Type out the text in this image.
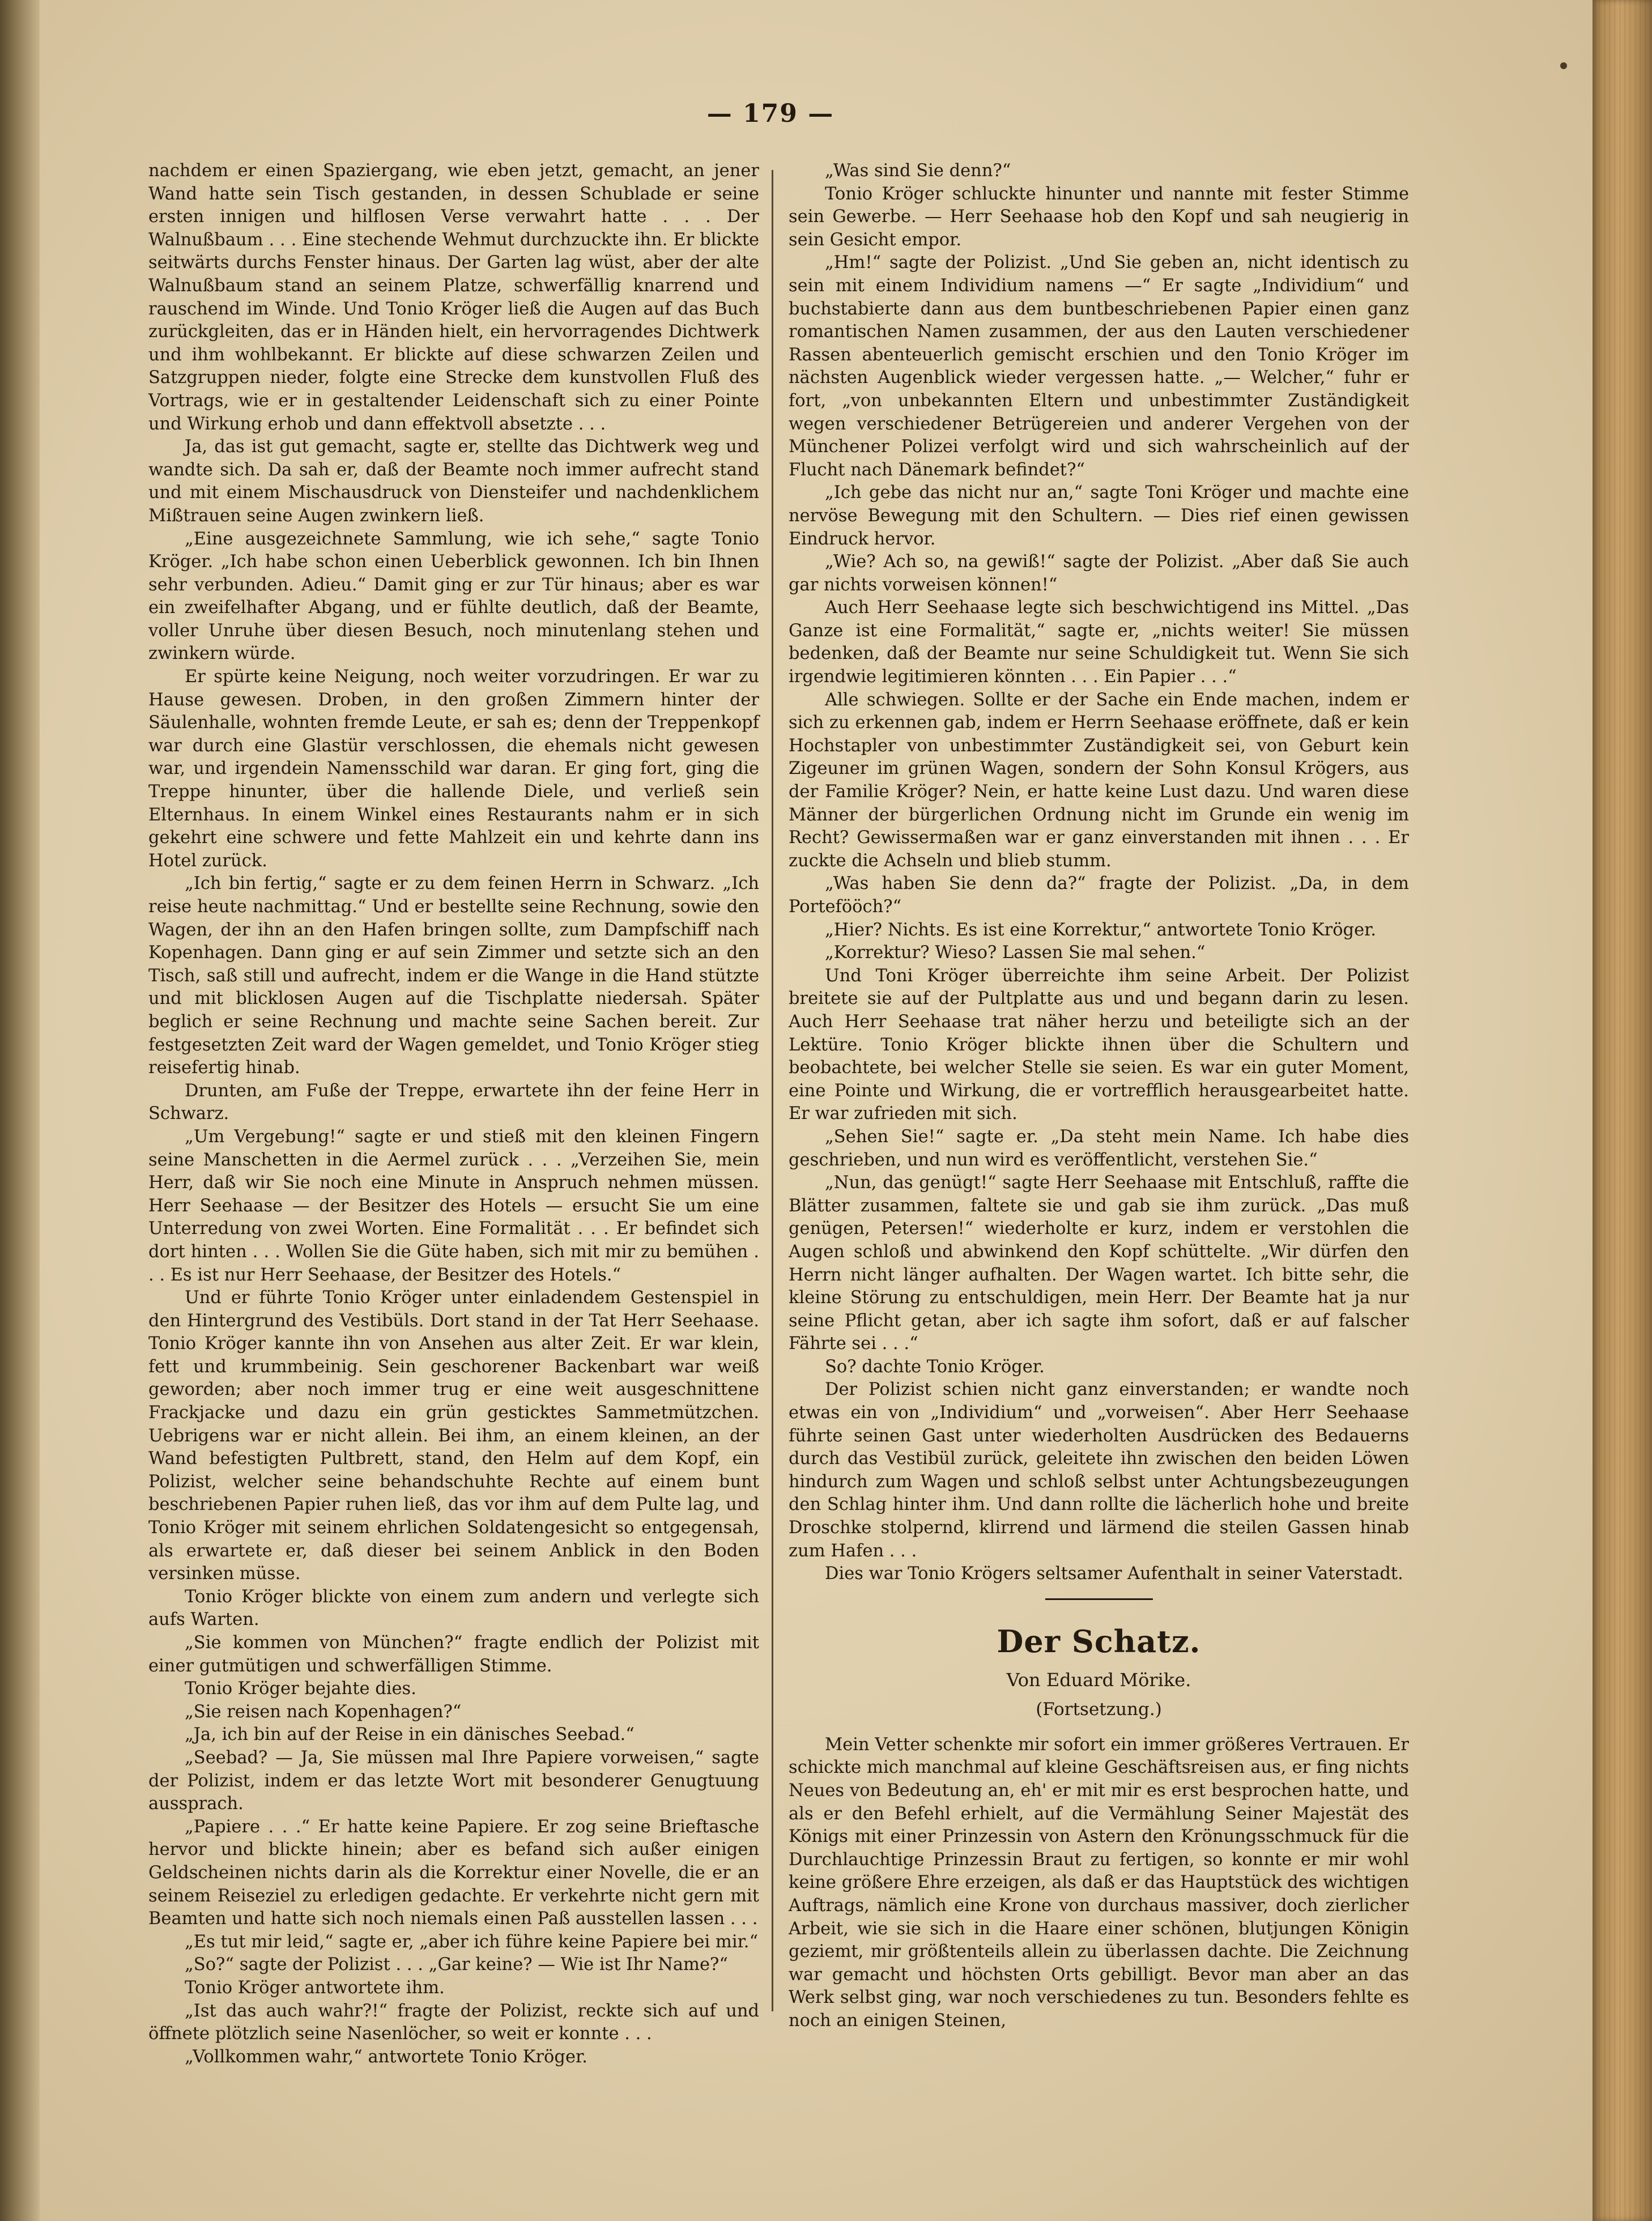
— 179 —

nachdem er einen Spaziergang, wie eben jetzt, gemacht, an jener Wand hatte sein Tisch gestanden, in dessen Schublade er seine ersten innigen und hilflosen Verse verwahrt hatte . . . Der Walnußbaum . . . Eine stechende Wehmut durchzuckte ihn. Er blickte seitwärts durchs Fenster hinaus. Der Garten lag wüst, aber der alte Walnußbaum stand an seinem Platze, schwerfällig knarrend und rauschend im Winde. Und Tonio Kröger ließ die Augen auf das Buch zurückgleiten, das er in Händen hielt, ein hervorragendes Dichtwerk und ihm wohlbekannt. Er blickte auf diese schwarzen Zeilen und Satzgruppen nieder, folgte eine Strecke dem kunstvollen Fluß des Vortrags, wie er in gestaltender Leidenschaft sich zu einer Pointe und Wirkung erhob und dann effektvoll absetzte . . .

Ja, das ist gut gemacht, sagte er, stellte das Dichtwerk weg und wandte sich. Da sah er, daß der Beamte noch immer aufrecht stand und mit einem Mischausdruck von Diensteifer und nachdenklichem Mißtrauen seine Augen zwinkern ließ.

„Eine ausgezeichnete Sammlung, wie ich sehe,“ sagte Tonio Kröger. „Ich habe schon einen Ueberblick gewonnen. Ich bin Ihnen sehr verbunden. Adieu.“ Damit ging er zur Tür hinaus; aber es war ein zweifelhafter Abgang, und er fühlte deutlich, daß der Beamte, voller Unruhe über diesen Besuch, noch minutenlang stehen und zwinkern würde.

Er spürte keine Neigung, noch weiter vorzudringen. Er war zu Hause gewesen. Droben, in den großen Zimmern hinter der Säulenhalle, wohnten fremde Leute, er sah es; denn der Treppenkopf war durch eine Glastür verschlossen, die ehemals nicht gewesen war, und irgendein Namensschild war daran. Er ging fort, ging die Treppe hinunter, über die hallende Diele, und verließ sein Elternhaus. In einem Winkel eines Restaurants nahm er in sich gekehrt eine schwere und fette Mahlzeit ein und kehrte dann ins Hotel zurück.

„Ich bin fertig,“ sagte er zu dem feinen Herrn in Schwarz. „Ich reise heute nachmittag.“ Und er bestellte seine Rechnung, sowie den Wagen, der ihn an den Hafen bringen sollte, zum Dampfschiff nach Kopenhagen. Dann ging er auf sein Zimmer und setzte sich an den Tisch, saß still und aufrecht, indem er die Wange in die Hand stützte und mit blicklosen Augen auf die Tischplatte niedersah. Später beglich er seine Rechnung und machte seine Sachen bereit. Zur festgesetzten Zeit ward der Wagen gemeldet, und Tonio Kröger stieg reisefertig hinab.

Drunten, am Fuße der Treppe, erwartete ihn der feine Herr in Schwarz.

„Um Vergebung!“ sagte er und stieß mit den kleinen Fingern seine Manschetten in die Aermel zurück . . . „Verzeihen Sie, mein Herr, daß wir Sie noch eine Minute in Anspruch nehmen müssen. Herr Seehaase — der Besitzer des Hotels — ersucht Sie um eine Unterredung von zwei Worten. Eine Formalität . . . Er befindet sich dort hinten . . . Wollen Sie die Güte haben, sich mit mir zu bemühen . . . Es ist nur Herr Seehaase, der Besitzer des Hotels.“

Und er führte Tonio Kröger unter einladendem Gestenspiel in den Hintergrund des Vestibüls. Dort stand in der Tat Herr Seehaase. Tonio Kröger kannte ihn von Ansehen aus alter Zeit. Er war klein, fett und krummbeinig. Sein geschorener Backenbart war weiß geworden; aber noch immer trug er eine weit ausgeschnittene Frackjacke und dazu ein grün gesticktes Sammetmützchen. Uebrigens war er nicht allein. Bei ihm, an einem kleinen, an der Wand befestigten Pultbrett, stand, den Helm auf dem Kopf, ein Polizist, welcher seine behandschuhte Rechte auf einem bunt beschriebenen Papier ruhen ließ, das vor ihm auf dem Pulte lag, und Tonio Kröger mit seinem ehrlichen Soldatengesicht so entgegensah, als erwartete er, daß dieser bei seinem Anblick in den Boden versinken müsse.

Tonio Kröger blickte von einem zum andern und verlegte sich aufs Warten.

„Sie kommen von München?“ fragte endlich der Polizist mit einer gutmütigen und schwerfälligen Stimme.

Tonio Kröger bejahte dies.

„Sie reisen nach Kopenhagen?“

„Ja, ich bin auf der Reise in ein dänisches Seebad.“

„Seebad? — Ja, Sie müssen mal Ihre Papiere vorweisen,“ sagte der Polizist, indem er das letzte Wort mit besonderer Genugtuung aussprach.

„Papiere . . .“ Er hatte keine Papiere. Er zog seine Brieftasche hervor und blickte hinein; aber es befand sich außer einigen Geldscheinen nichts darin als die Korrektur einer Novelle, die er an seinem Reiseziel zu erledigen gedachte. Er verkehrte nicht gern mit Beamten und hatte sich noch niemals einen Paß ausstellen lassen . . .

„Es tut mir leid,“ sagte er, „aber ich führe keine Papiere bei mir.“

„So?“ sagte der Polizist . . . „Gar keine? — Wie ist Ihr Name?“

Tonio Kröger antwortete ihm.

„Ist das auch wahr?!“ fragte der Polizist, reckte sich auf und öffnete plötzlich seine Nasenlöcher, so weit er konnte . . .

„Vollkommen wahr,“ antwortete Tonio Kröger.

„Was sind Sie denn?“

Tonio Kröger schluckte hinunter und nannte mit fester Stimme sein Gewerbe. — Herr Seehaase hob den Kopf und sah neugierig in sein Gesicht empor.

„Hm!“ sagte der Polizist. „Und Sie geben an, nicht identisch zu sein mit einem Individium namens —“ Er sagte „Individium“ und buchstabierte dann aus dem buntbeschriebenen Papier einen ganz romantischen Namen zusammen, der aus den Lauten verschiedener Rassen abenteuerlich gemischt erschien und den Tonio Kröger im nächsten Augenblick wieder vergessen hatte. „— Welcher,“ fuhr er fort, „von unbekannten Eltern und unbestimmter Zuständigkeit wegen verschiedener Betrügereien und anderer Vergehen von der Münchener Polizei verfolgt wird und sich wahrscheinlich auf der Flucht nach Dänemark befindet?“

„Ich gebe das nicht nur an,“ sagte Toni Kröger und machte eine nervöse Bewegung mit den Schultern. — Dies rief einen gewissen Eindruck hervor.

„Wie? Ach so, na gewiß!“ sagte der Polizist. „Aber daß Sie auch gar nichts vorweisen können!“

Auch Herr Seehaase legte sich beschwichtigend ins Mittel. „Das Ganze ist eine Formalität,“ sagte er, „nichts weiter! Sie müssen bedenken, daß der Beamte nur seine Schuldigkeit tut. Wenn Sie sich irgendwie legitimieren könnten . . . Ein Papier . . .“

Alle schwiegen. Sollte er der Sache ein Ende machen, indem er sich zu erkennen gab, indem er Herrn Seehaase eröffnete, daß er kein Hochstapler von unbestimmter Zuständigkeit sei, von Geburt kein Zigeuner im grünen Wagen, sondern der Sohn Konsul Krögers, aus der Familie Kröger? Nein, er hatte keine Lust dazu. Und waren diese Männer der bürgerlichen Ordnung nicht im Grunde ein wenig im Recht? Gewissermaßen war er ganz einverstanden mit ihnen . . . Er zuckte die Achseln und blieb stumm.

„Was haben Sie denn da?“ fragte der Polizist. „Da, in dem Portefööch?“

„Hier? Nichts. Es ist eine Korrektur,“ antwortete Tonio Kröger.

„Korrektur? Wieso? Lassen Sie mal sehen.“

Und Toni Kröger überreichte ihm seine Arbeit. Der Polizist breitete sie auf der Pultplatte aus und und begann darin zu lesen. Auch Herr Seehaase trat näher herzu und beteiligte sich an der Lektüre. Tonio Kröger blickte ihnen über die Schultern und beobachtete, bei welcher Stelle sie seien. Es war ein guter Moment, eine Pointe und Wirkung, die er vortrefflich herausgearbeitet hatte. Er war zufrieden mit sich.

„Sehen Sie!“ sagte er. „Da steht mein Name. Ich habe dies geschrieben, und nun wird es veröffentlicht, verstehen Sie.“

„Nun, das genügt!“ sagte Herr Seehaase mit Entschluß, raffte die Blätter zusammen, faltete sie und gab sie ihm zurück. „Das muß genügen, Petersen!“ wiederholte er kurz, indem er verstohlen die Augen schloß und abwinkend den Kopf schüttelte. „Wir dürfen den Herrn nicht länger aufhalten. Der Wagen wartet. Ich bitte sehr, die kleine Störung zu entschuldigen, mein Herr. Der Beamte hat ja nur seine Pflicht getan, aber ich sagte ihm sofort, daß er auf falscher Fährte sei . . .“

So? dachte Tonio Kröger.

Der Polizist schien nicht ganz einverstanden; er wandte noch etwas ein von „Individium“ und „vorweisen“. Aber Herr Seehaase führte seinen Gast unter wiederholten Ausdrücken des Bedauerns durch das Vestibül zurück, geleitete ihn zwischen den beiden Löwen hindurch zum Wagen und schloß selbst unter Achtungsbezeugungen den Schlag hinter ihm. Und dann rollte die lächerlich hohe und breite Droschke stolpernd, klirrend und lärmend die steilen Gassen hinab zum Hafen . . .

Dies war Tonio Krögers seltsamer Aufenthalt in seiner Vaterstadt.

Der Schatz.
Von Eduard Mörike.
(Fortsetzung.)

Mein Vetter schenkte mir sofort ein immer größeres Vertrauen. Er schickte mich manchmal auf kleine Geschäftsreisen aus, er fing nichts Neues von Bedeutung an, eh' er mit mir es erst besprochen hatte, und als er den Befehl erhielt, auf die Vermählung Seiner Majestät des Königs mit einer Prinzessin von Astern den Krönungsschmuck für die Durchlauchtige Prinzessin Braut zu fertigen, so konnte er mir wohl keine größere Ehre erzeigen, als daß er das Hauptstück des wichtigen Auftrags, nämlich eine Krone von durchaus massiver, doch zierlicher Arbeit, wie sie sich in die Haare einer schönen, blutjungen Königin geziemt, mir größtenteils allein zu überlassen dachte. Die Zeichnung war gemacht und höchsten Orts gebilligt. Bevor man aber an das Werk selbst ging, war noch verschiedenes zu tun. Besonders fehlte es noch an einigen Steinen,
